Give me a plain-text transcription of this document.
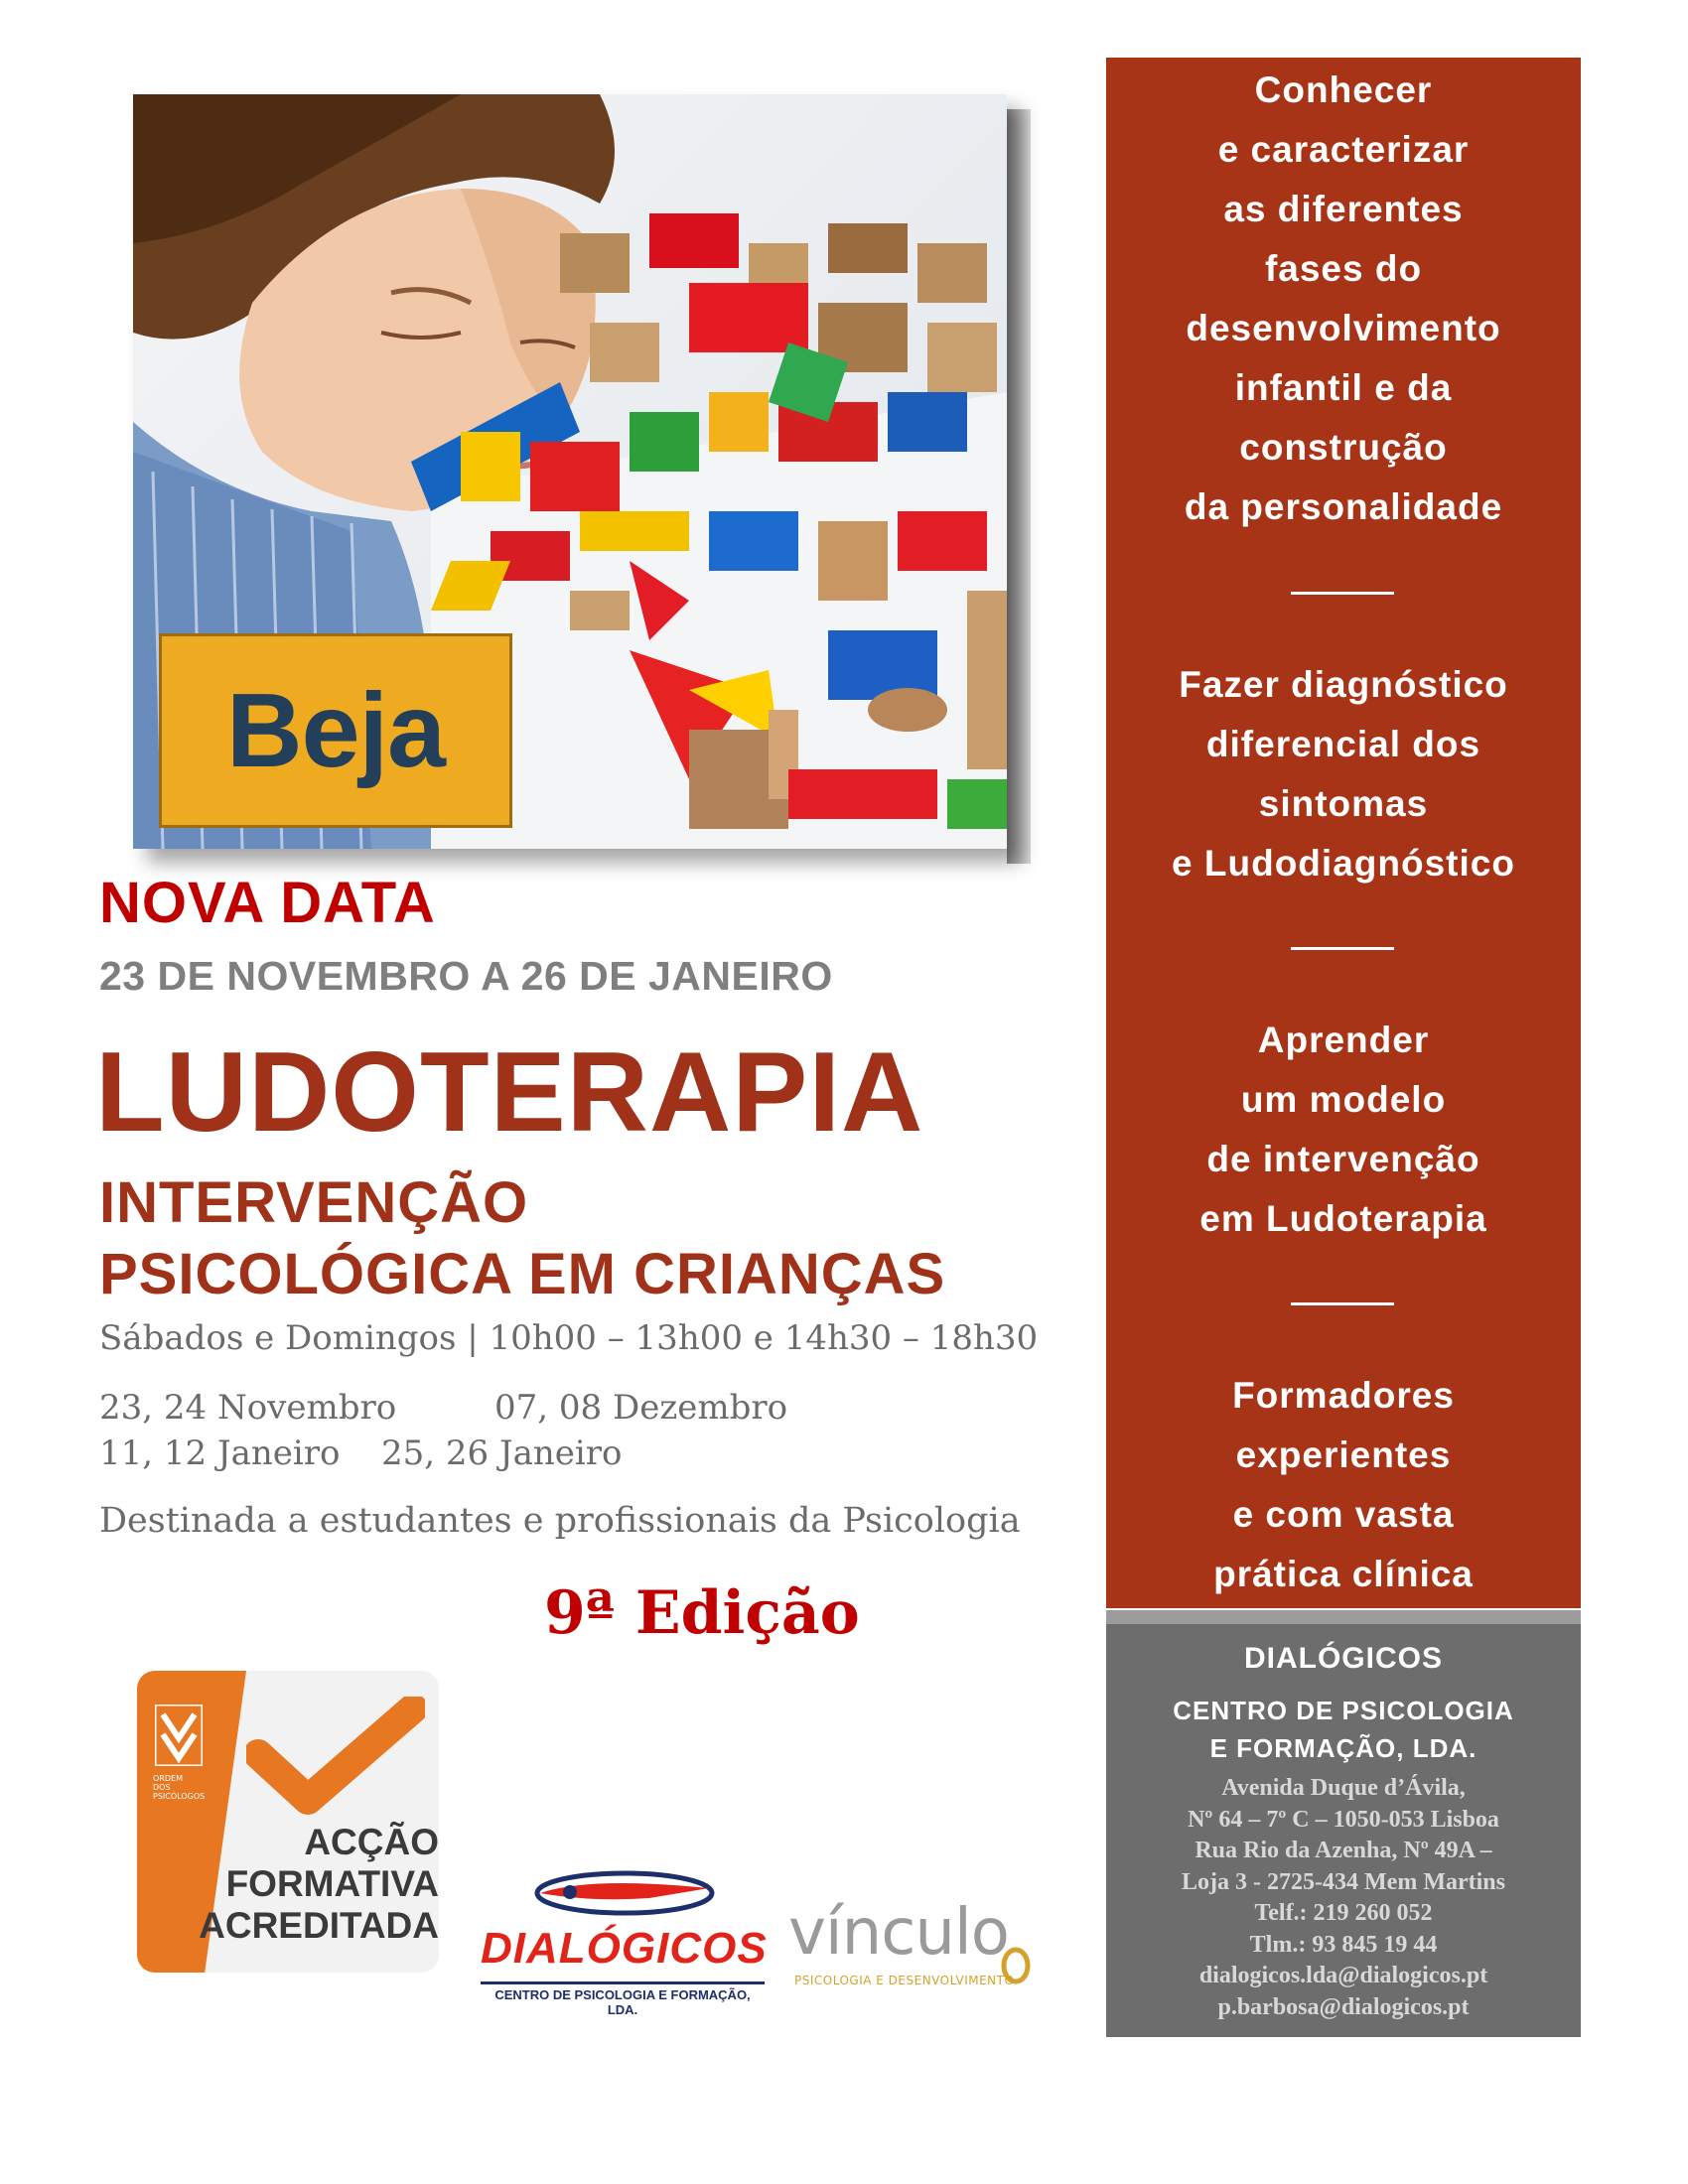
Beja
NOVA DATA
23 DE NOVEMBRO A 26 DE JANEIRO
LUDOTERAPIA
INTERVENÇÃO
PSICOLÓGICA EM CRIANÇAS
Sábados e Domingos | 10h00 – 13h00 e 14h30 – 18h30
23, 24 Novembro	07, 08 Dezembro
11, 12 Janeiro 25, 26 Janeiro
Destinada a estudantes e profissionais da Psicologia
9ª Edição
ORDEM DOS PSICÓLOGOS
ACÇÃO
FORMATIVA
ACREDITADA DIALÓGICOS
CENTRO DE PSICOLOGIA E FORMAÇÃO, LDA.
vínculo
PSICOLOGIA E DESENVOLVIMENTO
Conhecer
e caracterizar
as diferentes
fases do
desenvolvimento
infantil e da
construção
da personalidade
Fazer diagnóstico
diferencial dos
sintomas
e Ludodiagnóstico
Aprender
um modelo
de intervenção
em Ludoterapia
Formadores
experientes
e com vasta
prática clínica
DIALÓGICOS
CENTRO DE PSICOLOGIA
E FORMAÇÃO, LDA.
Avenida Duque d’Ávila,
Nº 64 – 7º C – 1050-053 Lisboa
Rua Rio da Azenha, Nº 49A –
Loja 3 - 2725-434 Mem Martins
Telf.: 219 260 052
Tlm.: 93 845 19 44
dialogicos.lda@dialogicos.pt
p.barbosa@dialogicos.pt
